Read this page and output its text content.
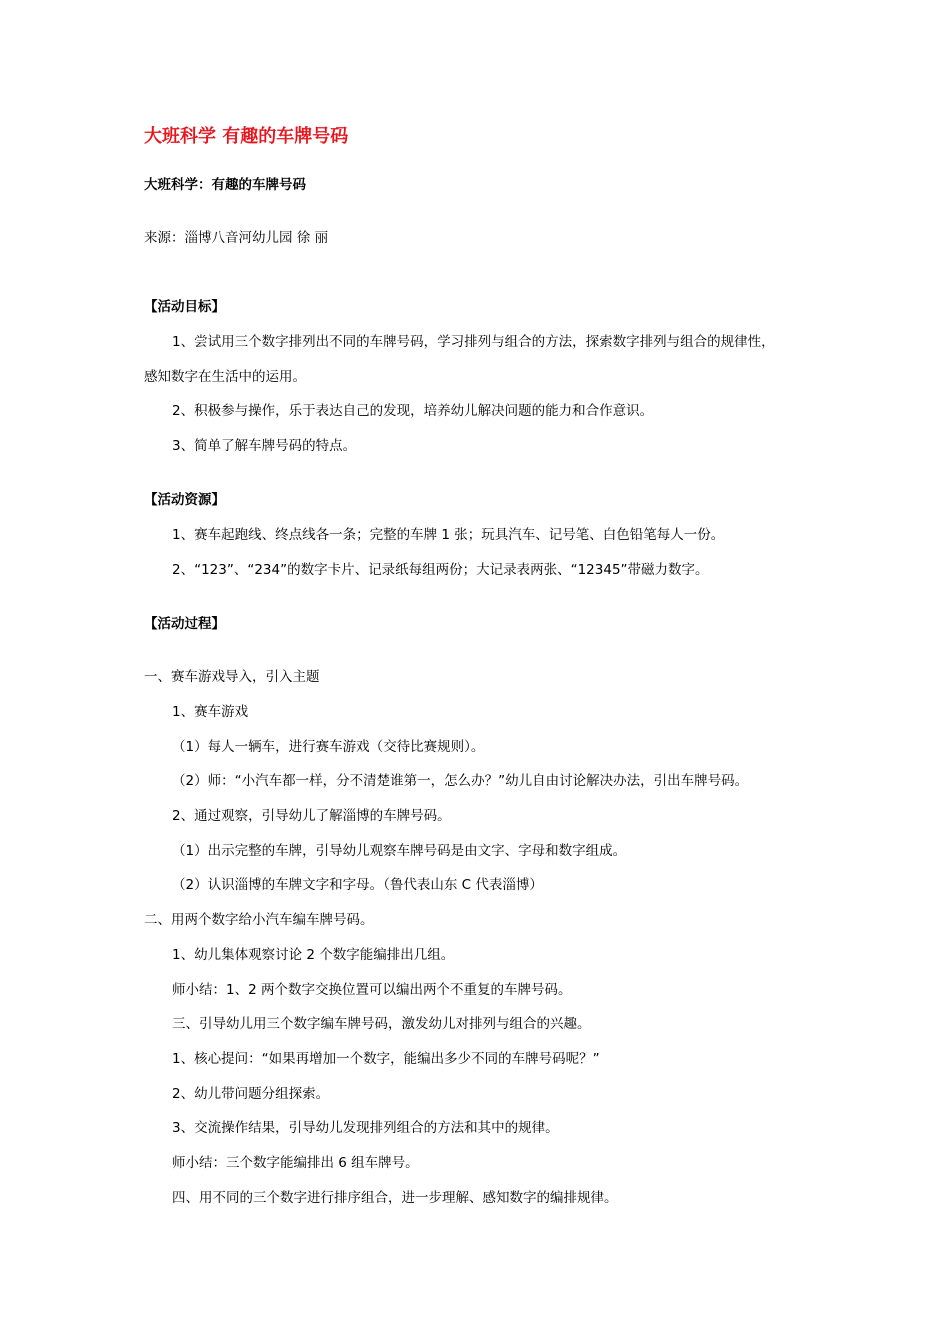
大班科学 有趣的车牌号码
大班科学：有趣的车牌号码
来源：淄博八音河幼儿园 徐 丽
【活动目标】
1、尝试用三个数字排列出不同的车牌号码，学习排列与组合的方法，探索数字排列与组合的规律性，
感知数字在生活中的运用。
2、积极参与操作，乐于表达自己的发现，培养幼儿解决问题的能力和合作意识。
3、简单了解车牌号码的特点。
【活动资源】
1、赛车起跑线、终点线各一条；完整的车牌 1 张；玩具汽车、记号笔、白色铅笔每人一份。
2、“123”、“234”的数字卡片、记录纸每组两份；大记录表两张、“12345”带磁力数字。
【活动过程】
一、赛车游戏导入，引入主题
1、赛车游戏
（1）每人一辆车，进行赛车游戏（交待比赛规则）。
（2）师：“小汽车都一样，分不清楚谁第一，怎么办？”幼儿自由讨论解决办法，引出车牌号码。
2、通过观察，引导幼儿了解淄博的车牌号码。
（1）出示完整的车牌，引导幼儿观察车牌号码是由文字、字母和数字组成。
（2）认识淄博的车牌文字和字母。（鲁代表山东 C 代表淄博）
二、用两个数字给小汽车编车牌号码。
1、幼儿集体观察讨论 2 个数字能编排出几组。
师小结：1、2 两个数字交换位置可以编出两个不重复的车牌号码。
三、引导幼儿用三个数字编车牌号码，激发幼儿对排列与组合的兴趣。
1、核心提问：“如果再增加一个数字，能编出多少不同的车牌号码呢？”
2、幼儿带问题分组探索。
3、交流操作结果，引导幼儿发现排列组合的方法和其中的规律。
师小结：三个数字能编排出 6 组车牌号。
四、用不同的三个数字进行排序组合，进一步理解、感知数字的编排规律。
